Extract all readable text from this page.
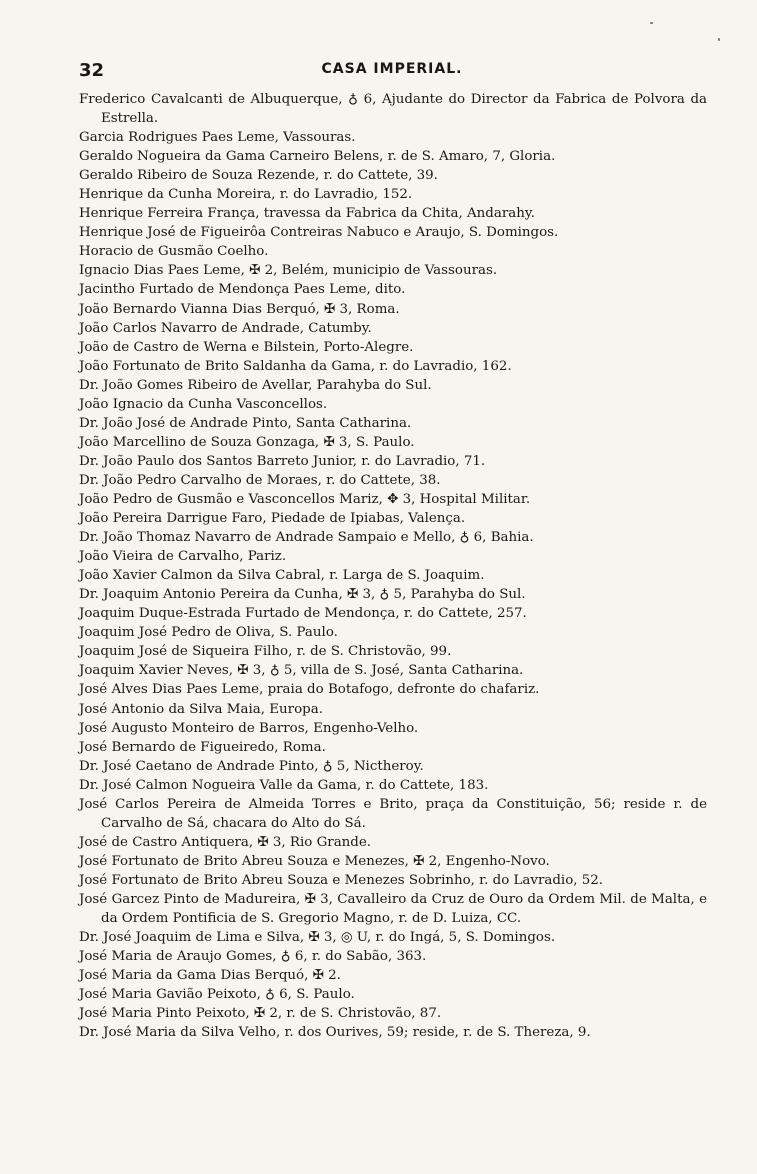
32	CASA IMPERIAL.
Frederico Cavalcanti de Albuquerque, ♁ 6, Ajudante do Director da Fabrica de Polvora da Estrella.
Garcia Rodrigues Paes Leme, Vassouras.
Geraldo Nogueira da Gama Carneiro Belens, r. de S. Amaro, 7, Gloria.
Geraldo Ribeiro de Souza Rezende, r. do Cattete, 39.
Henrique da Cunha Moreira, r. do Lavradio, 152.
Henrique Ferreira França, travessa da Fabrica da Chita, Andarahy.
Henrique José de Figueirôa Contreiras Nabuco e Araujo, S. Domingos.
Horacio de Gusmão Coelho.
Ignacio Dias Paes Leme, ✠ 2, Belém, municipio de Vassouras.
Jacintho Furtado de Mendonça Paes Leme, dito.
João Bernardo Vianna Dias Berquó, ✠ 3, Roma.
João Carlos Navarro de Andrade, Catumby.
João de Castro de Werna e Bilstein, Porto-Alegre.
João Fortunato de Brito Saldanha da Gama, r. do Lavradio, 162.
Dr. João Gomes Ribeiro de Avellar, Parahyba do Sul.
João Ignacio da Cunha Vasconcellos.
Dr. João José de Andrade Pinto, Santa Catharina.
João Marcellino de Souza Gonzaga, ✠ 3, S. Paulo.
Dr. João Paulo dos Santos Barreto Junior, r. do Lavradio, 71.
Dr. João Pedro Carvalho de Moraes, r. do Cattete, 38.
João Pedro de Gusmão e Vasconcellos Mariz, ✥ 3, Hospital Militar.
João Pereira Darrigue Faro, Piedade de Ipiabas, Valença.
Dr. João Thomaz Navarro de Andrade Sampaio e Mello, ♁ 6, Bahia.
João Vieira de Carvalho, Pariz.
João Xavier Calmon da Silva Cabral, r. Larga de S. Joaquim.
Dr. Joaquim Antonio Pereira da Cunha, ✠ 3, ♁ 5, Parahyba do Sul.
Joaquim Duque-Estrada Furtado de Mendonça, r. do Cattete, 257.
Joaquim José Pedro de Oliva, S. Paulo.
Joaquim José de Siqueira Filho, r. de S. Christovão, 99.
Joaquim Xavier Neves, ✠ 3, ♁ 5, villa de S. José, Santa Catharina.
José Alves Dias Paes Leme, praia do Botafogo, defronte do chafariz.
José Antonio da Silva Maia, Europa.
José Augusto Monteiro de Barros, Engenho-Velho.
José Bernardo de Figueiredo, Roma.
Dr. José Caetano de Andrade Pinto, ♁ 5, Nictheroy.
Dr. José Calmon Nogueira Valle da Gama, r. do Cattete, 183.
José Carlos Pereira de Almeida Torres e Brito, praça da Constituição, 56; reside r. de Carvalho de Sá, chacara do Alto do Sá.
José de Castro Antiquera, ✠ 3, Rio Grande.
José Fortunato de Brito Abreu Souza e Menezes, ✠ 2, Engenho-Novo.
José Fortunato de Brito Abreu Souza e Menezes Sobrinho, r. do Lavradio, 52.
José Garcez Pinto de Madureira, ✠ 3, Cavalleiro da Cruz de Ouro da Ordem Mil. de Malta, e da Ordem Pontificia de S. Gregorio Magno, r. de D. Luiza, CC.
Dr. José Joaquim de Lima e Silva, ✠ 3, ◎ U, r. do Ingá, 5, S. Domingos.
José Maria de Araujo Gomes, ♁ 6, r. do Sabão, 363.
José Maria da Gama Dias Berquó, ✠ 2.
José Maria Gavião Peixoto, ♁ 6, S. Paulo.
José Maria Pinto Peixoto, ✠ 2, r. de S. Christovão, 87.
Dr. José Maria da Silva Velho, r. dos Ourives, 59; reside, r. de S. Thereza, 9.
